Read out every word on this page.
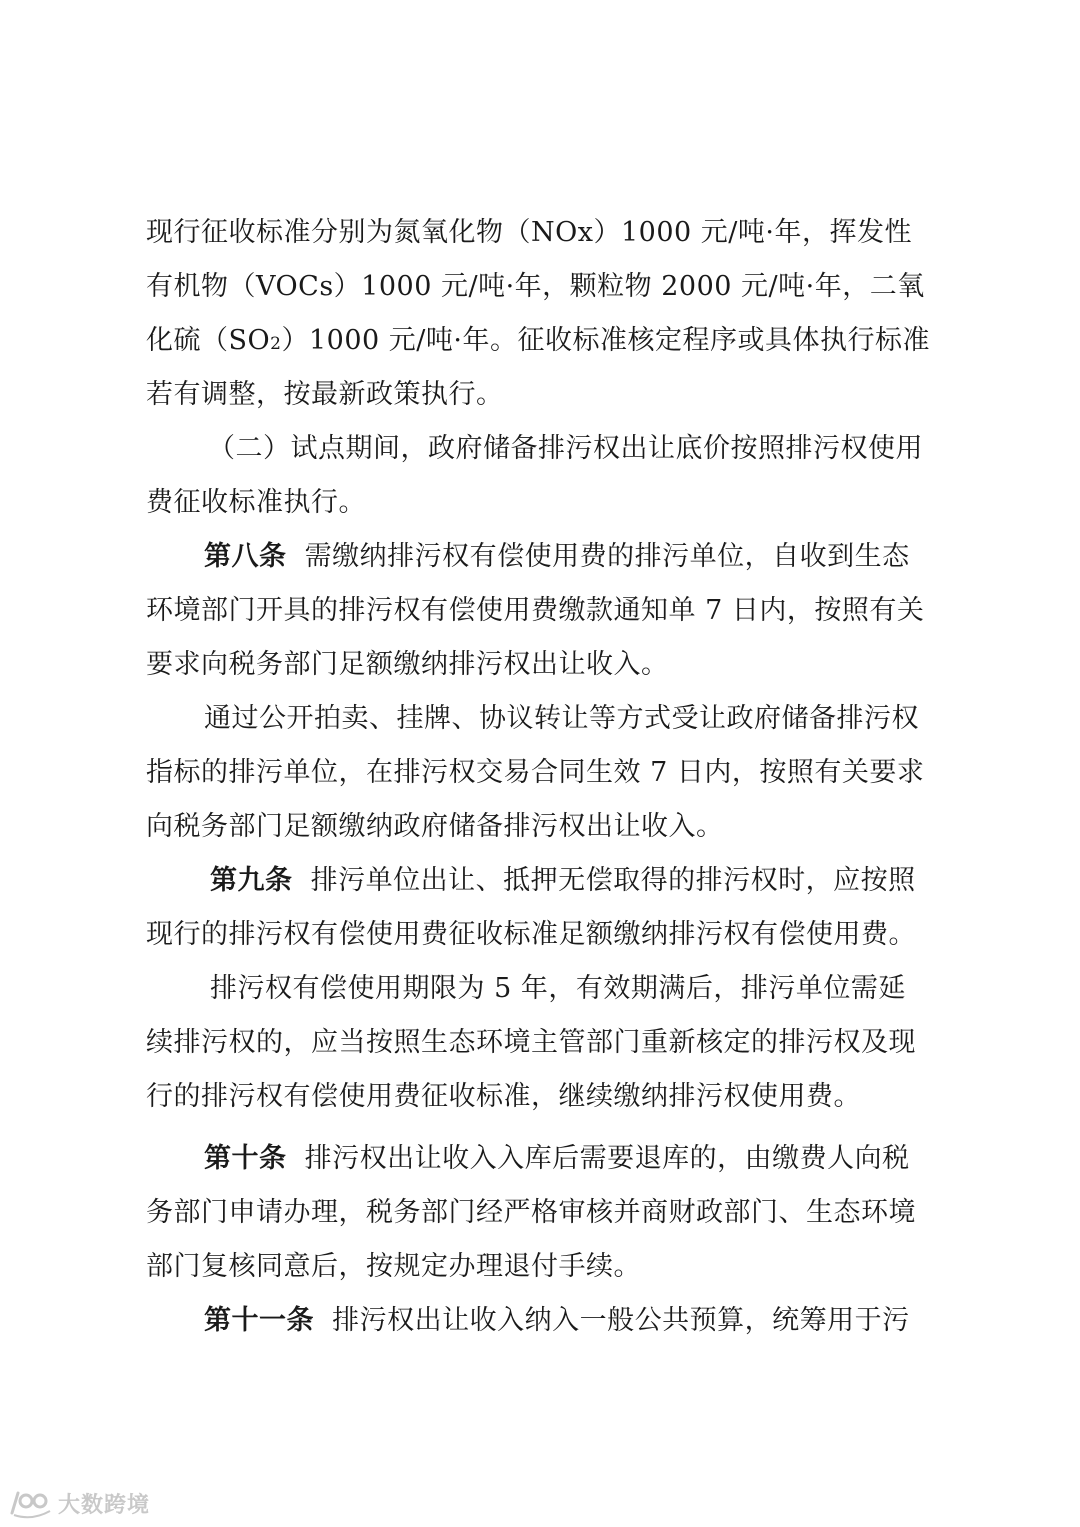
现行征收标准分别为氮氧化物（NOx）1000 元/吨·年，挥发性
有机物（VOCs）1000 元/吨·年，颗粒物 2000 元/吨·年，二氧
化硫（SO2）1000 元/吨·年。征收标准核定程序或具体执行标准
若有调整，按最新政策执行。
（二）试点期间，政府储备排污权出让底价按照排污权使用
费征收标准执行。
第八条 需缴纳排污权有偿使用费的排污单位，自收到生态
环境部门开具的排污权有偿使用费缴款通知单 7 日内，按照有关
要求向税务部门足额缴纳排污权出让收入。
通过公开拍卖、挂牌、协议转让等方式受让政府储备排污权
指标的排污单位，在排污权交易合同生效 7 日内，按照有关要求
向税务部门足额缴纳政府储备排污权出让收入。
第九条 排污单位出让、抵押无偿取得的排污权时，应按照
现行的排污权有偿使用费征收标准足额缴纳排污权有偿使用费。
排污权有偿使用期限为 5 年，有效期满后，排污单位需延
续排污权的，应当按照生态环境主管部门重新核定的排污权及现
行的排污权有偿使用费征收标准，继续缴纳排污权使用费。
第十条 排污权出让收入入库后需要退库的，由缴费人向税
务部门申请办理，税务部门经严格审核并商财政部门、生态环境
部门复核同意后，按规定办理退付手续。
第十一条 排污权出让收入纳入一般公共预算，统筹用于污
大数跨境
